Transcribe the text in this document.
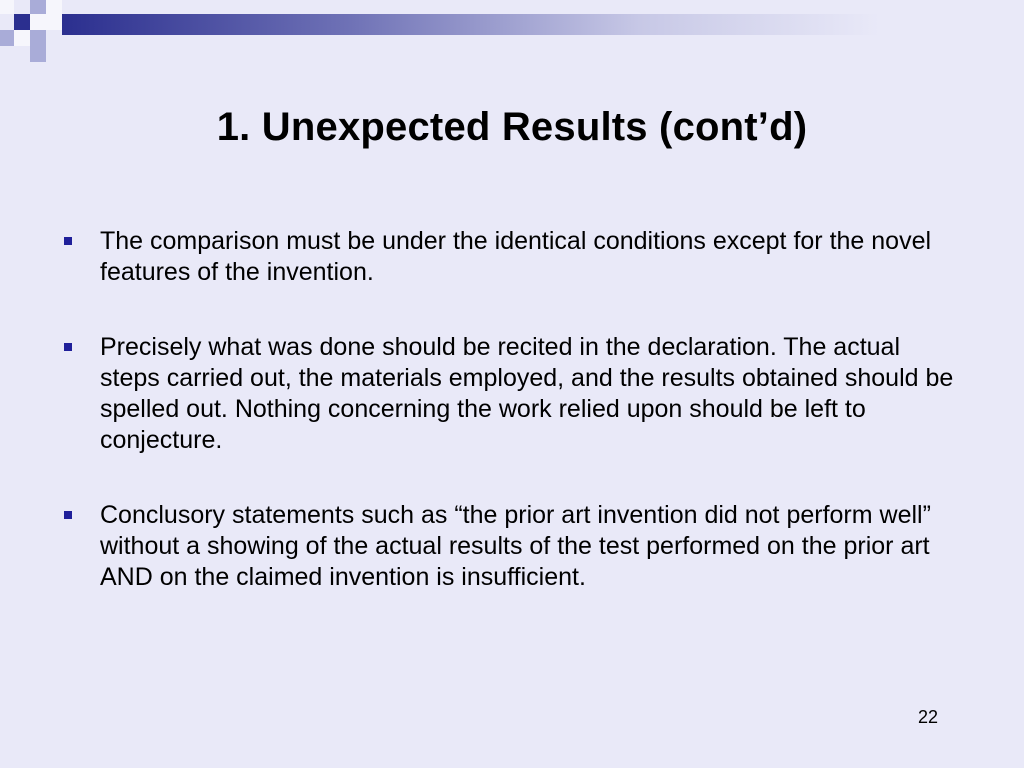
1. Unexpected Results (cont’d)
The comparison must be under the identical conditions except for the novel features of the invention.
Precisely what was done should be recited in the declaration. The actual steps carried out, the materials employed, and the results obtained should be spelled out. Nothing concerning the work relied upon should be left to conjecture.
Conclusory statements such as “the prior art invention did not perform well” without a showing of the actual results of the test performed on the prior art AND on the claimed invention is insufficient.
22
